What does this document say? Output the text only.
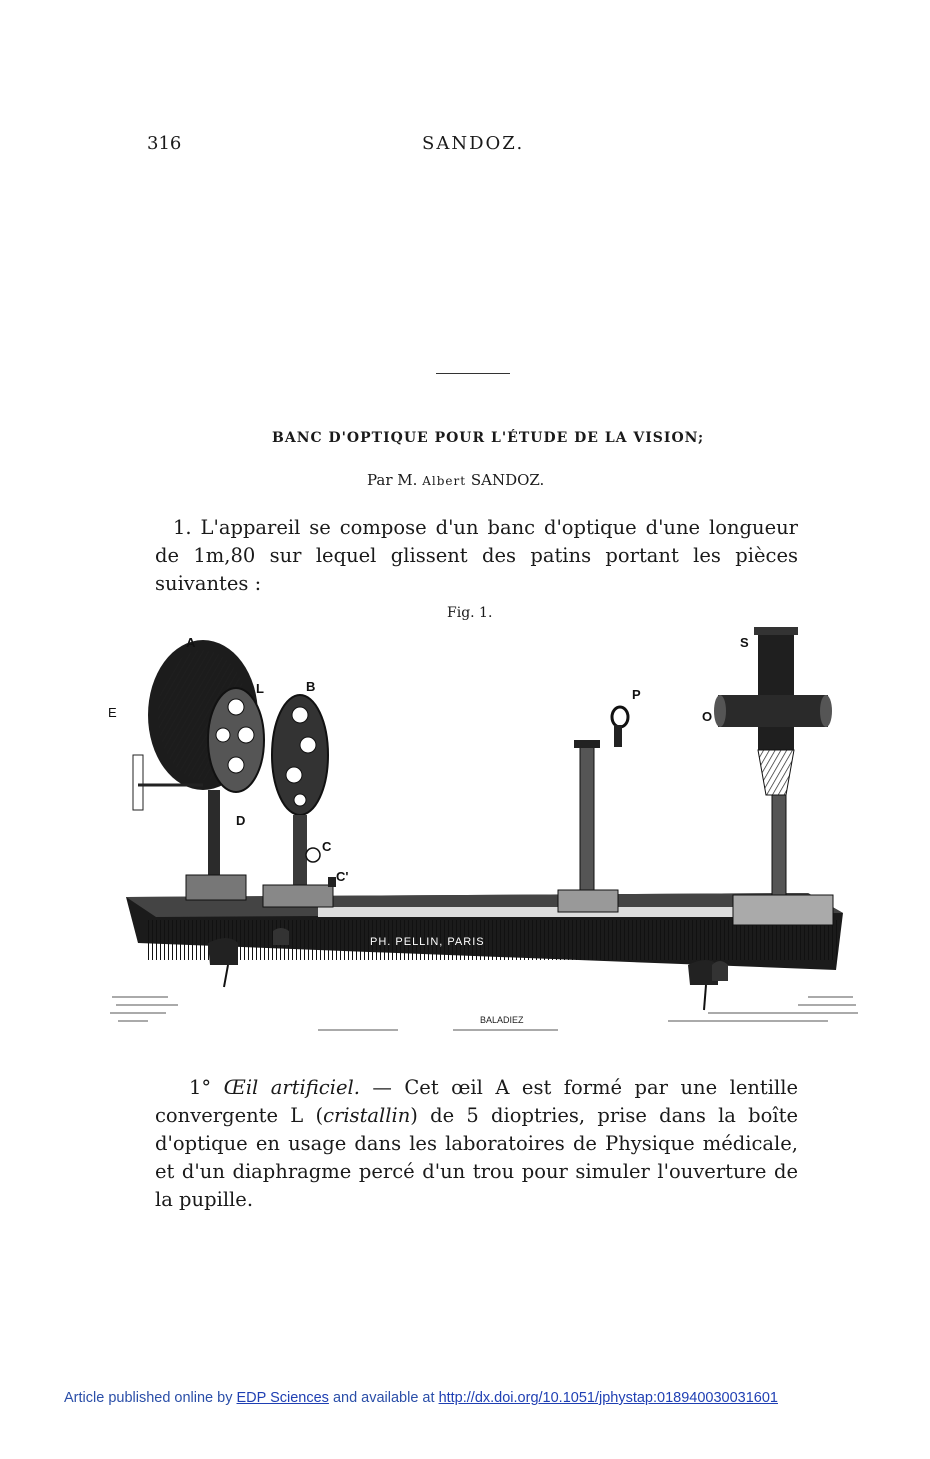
316	SANDOZ.
BANC D'OPTIQUE POUR L'ÉTUDE DE LA VISION;
Par M. Albert SANDOZ.
1. L'appareil se compose d'un banc d'optique d'une longueur de 1m,80 sur lequel glissent des patins portant les pièces suivantes :
Fig. 1.
PH. PELLIN, PARIS
BALADIEZ
A
L	B
E
D
C
C'
P
S
O
1° Œil artificiel. — Cet œil A est formé par une lentille convergente L (cristallin) de 5 dioptries, prise dans la boîte d'optique en usage dans les laboratoires de Physique médicale, et d'un diaphragme percé d'un trou pour simuler l'ouverture de la pupille.
Article published online by EDP Sciences and available at http://dx.doi.org/10.1051/jphystap:018940030031601
